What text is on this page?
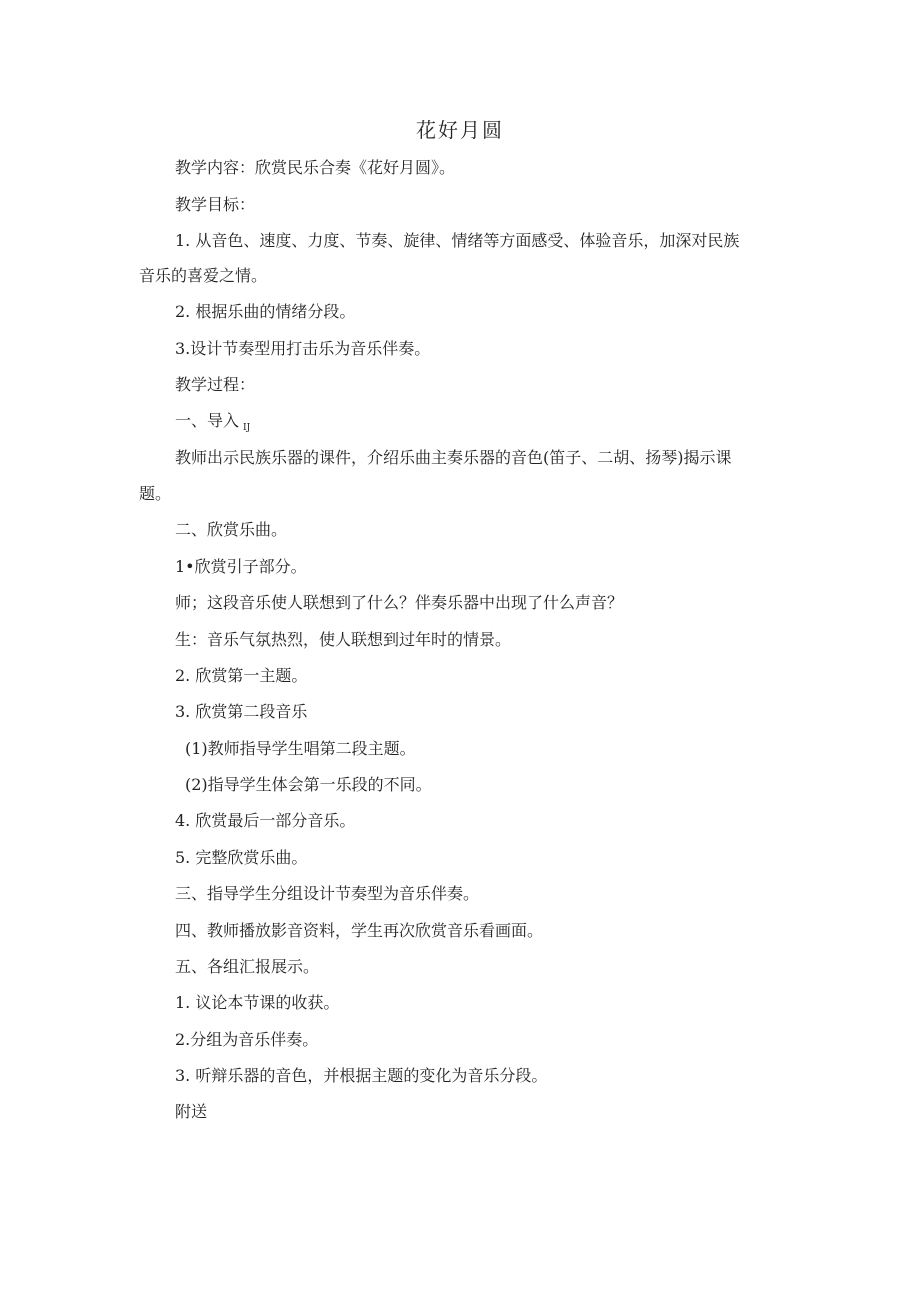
花好月圆
教学内容：欣赏民乐合奏《花好月圆》。
教学目标：
1. 从音色、速度、力度、节奏、旋律、情绪等方面感受、体验音乐，加深对民族
音乐的喜爱之情。
2. 根据乐曲的情绪分段。
3.设计节奏型用打击乐为音乐伴奏。
教学过程：
一、导入 $_{IJ}$
教师出示民族乐器的课件，介绍乐曲主奏乐器的音色(笛子、二胡、扬琴)揭示课
题。
二、欣赏乐曲。
1•欣赏引子部分。
师；这段音乐使人联想到了什么？伴奏乐器中出现了什么声音？
生：音乐气氛热烈，使人联想到过年时的情景。
2. 欣赏第一主题。
3. 欣赏第二段音乐
(1)教师指导学生唱第二段主题。
(2)指导学生体会第一乐段的不同。
4. 欣赏最后一部分音乐。
5. 完整欣赏乐曲。
三、指导学生分组设计节奏型为音乐伴奏。
四、教师播放影音资料，学生再次欣赏音乐看画面。
五、各组汇报展示。
1. 议论本节课的收获。
2.分组为音乐伴奏。
3. 听辩乐器的音色，并根据主题的变化为音乐分段。
附送
